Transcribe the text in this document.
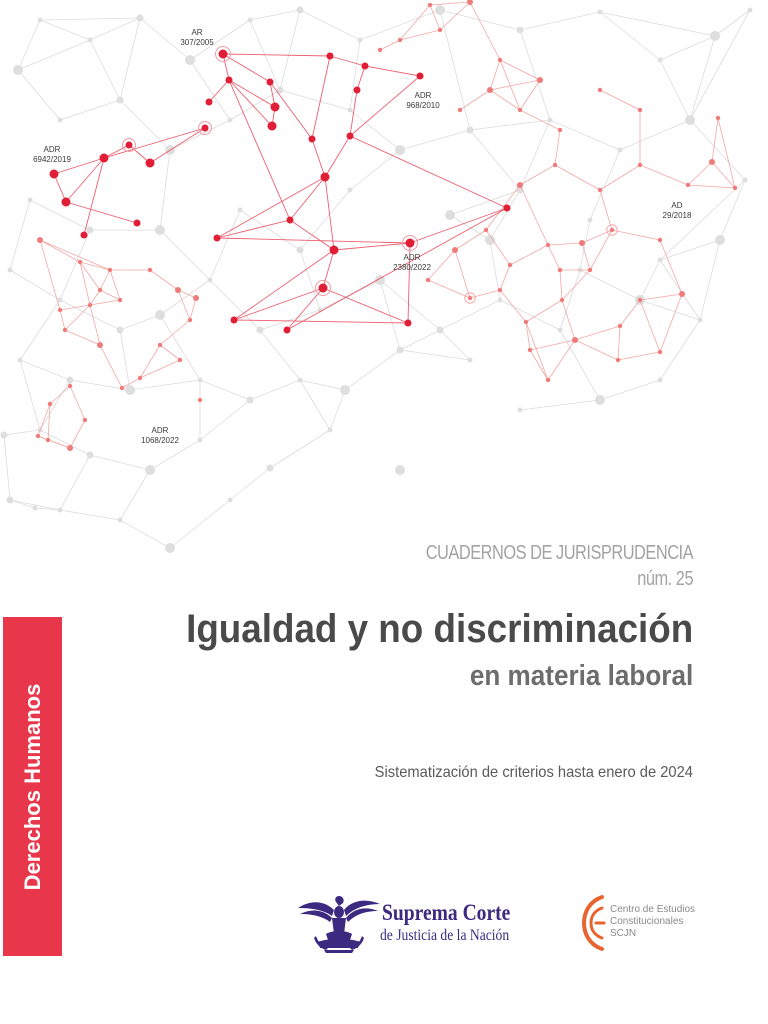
AR
307/2005
ADR
968/2010
ADR
6942/2019
AD
29/2018
ADR
2380/2022
ADR
1068/2022
CUADERNOS DE JURISPRUDENCIA
núm. 25
Igualdad y no discriminación
en materia laboral
Sistematización de criterios hasta enero de 2024
Derechos Humanos
Suprema Corte
de Justicia de la Nación
Centro de Estudios
Constitucionales
SCJN
